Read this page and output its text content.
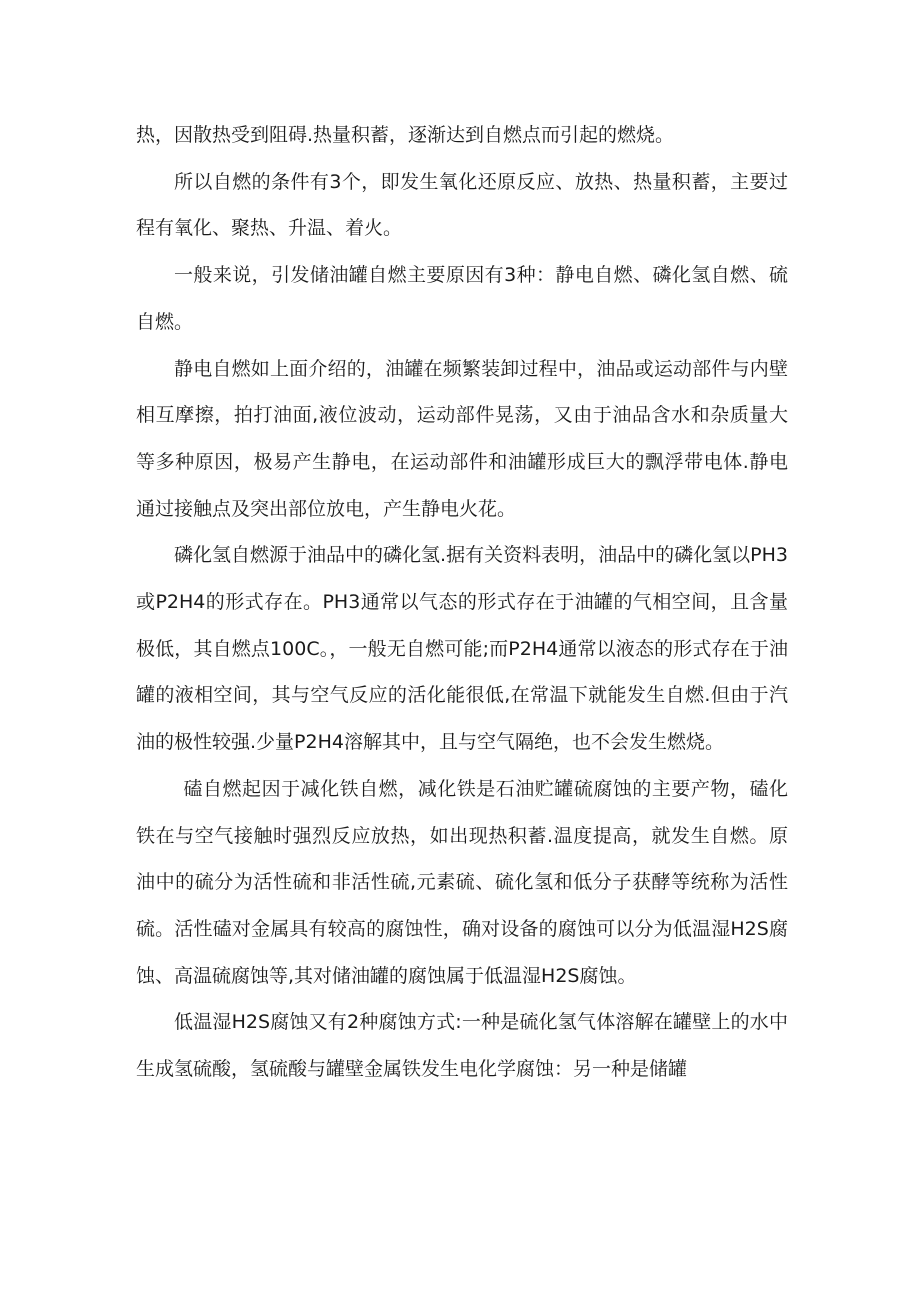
热，因散热受到阻碍.热量积蓄，逐渐达到自燃点而引起的燃烧。

所以自燃的条件有3个，即发生氧化还原反应、放热、热量积蓄，主要过程有氧化、聚热、升温、着火。

一般来说，引发储油罐自燃主要原因有3种：静电自燃、磷化氢自燃、硫自燃。

静电自燃如上面介绍的，油罐在频繁装卸过程中，油品或运动部件与内壁相互摩擦，拍打油面,液位波动，运动部件晃荡，又由于油品含水和杂质量大等多种原因，极易产生静电，在运动部件和油罐形成巨大的飘浮带电体.静电通过接触点及突出部位放电，产生静电火花。

磷化氢自燃源于油品中的磷化氢.据有关资料表明，油品中的磷化氢以PH3或P2H4的形式存在。PH3通常以气态的形式存在于油罐的气相空间，且含量极低，其自燃点100C。，一般无自燃可能;而P2H4通常以液态的形式存在于油罐的液相空间，其与空气反应的活化能很低,在常温下就能发生自燃.但由于汽油的极性较强.少量P2H4溶解其中，且与空气隔绝，也不会发生燃烧。

磕自燃起因于减化铁自燃，减化铁是石油贮罐硫腐蚀的主要产物，磕化铁在与空气接触时强烈反应放热，如出现热积蓄.温度提高，就发生自燃。原油中的硫分为活性硫和非活性硫,元素硫、硫化氢和低分子获酵等统称为活性硫。活性磕对金属具有较高的腐蚀性，确对设备的腐蚀可以分为低温湿H2S腐蚀、高温硫腐蚀等,其对储油罐的腐蚀属于低温湿H2S腐蚀。

低温湿H2S腐蚀又有2种腐蚀方式:一种是硫化氢气体溶解在罐壁上的水中生成氢硫酸，氢硫酸与罐壁金属铁发生电化学腐蚀：另一种是储罐
